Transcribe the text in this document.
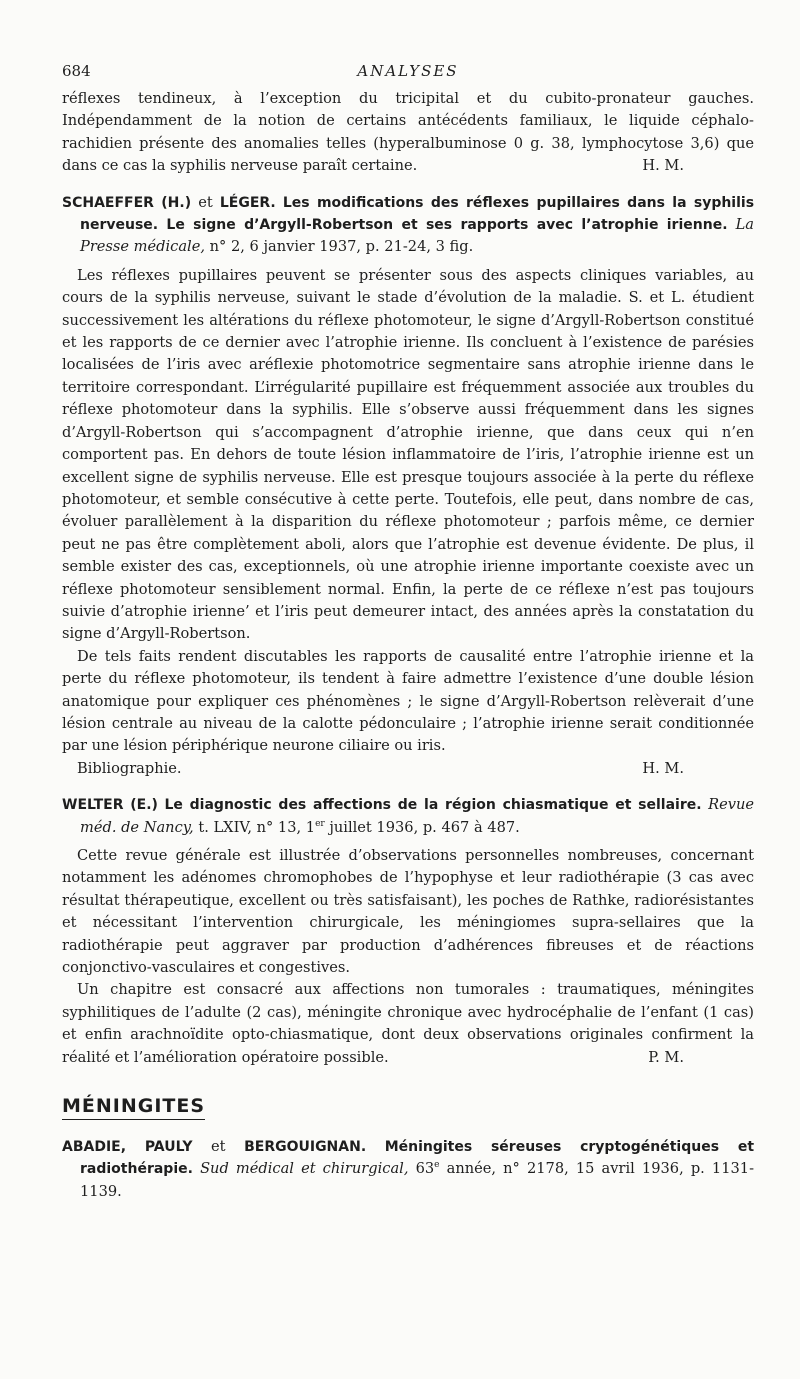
684	ANALYSES

réflexes tendineux, à l’exception du tricipital et du cubito-pronateur gauches. Indépendamment de la notion de certains antécédents familiaux, le liquide céphalo-rachidien présente des anomalies telles (hyperalbuminose 0 g. 38, lymphocytose 3,6) que dans ce cas la syphilis nerveuse paraît certaine.	H. M.

SCHAEFFER (H.) et LÉGER. Les modifications des réflexes pupillaires dans la syphilis nerveuse. Le signe d’Argyll-Robertson et ses rapports avec l’atrophie irienne. La Presse médicale, n° 2, 6 janvier 1937, p. 21-24, 3 fig.

Les réflexes pupillaires peuvent se présenter sous des aspects cliniques variables, au cours de la syphilis nerveuse, suivant le stade d’évolution de la maladie. S. et L. étudient successivement les altérations du réflexe photomoteur, le signe d’Argyll-Robertson constitué et les rapports de ce dernier avec l’atrophie irienne. Ils concluent à l’existence de parésies localisées de l’iris avec aréflexie photomotrice segmentaire sans atrophie irienne dans le territoire correspondant. L’irrégularité pupillaire est fréquemment associée aux troubles du réflexe photomoteur dans la syphilis. Elle s’observe aussi fréquemment dans les signes d’Argyll-Robertson qui s’accompagnent d’atrophie irienne, que dans ceux qui n’en comportent pas. En dehors de toute lésion inflammatoire de l’iris, l’atrophie irienne est un excellent signe de syphilis nerveuse. Elle est presque toujours associée à la perte du réflexe photomoteur, et semble consécutive à cette perte. Toutefois, elle peut, dans nombre de cas, évoluer parallèlement à la disparition du réflexe photomoteur ; parfois même, ce dernier peut ne pas être complètement aboli, alors que l’atrophie est devenue évidente. De plus, il semble exister des cas, exceptionnels, où une atrophie irienne importante coexiste avec un réflexe photomoteur sensiblement normal. Enfin, la perte de ce réflexe n’est pas toujours suivie d’atrophie irienne’ et l’iris peut demeurer intact, des années après la constatation du signe d’Argyll-Robertson.

De tels faits rendent discutables les rapports de causalité entre l’atrophie irienne et la perte du réflexe photomoteur, ils tendent à faire admettre l’existence d’une double lésion anatomique pour expliquer ces phénomènes ; le signe d’Argyll-Robertson relèverait d’une lésion centrale au niveau de la calotte pédonculaire ; l’atrophie irienne serait conditionnée par une lésion périphérique neurone ciliaire ou iris.

Bibliographie.	H. M.

WELTER (E.) Le diagnostic des affections de la région chiasmatique et sellaire. Revue méd. de Nancy, t. LXIV, n° 13, 1er juillet 1936, p. 467 à 487.

Cette revue générale est illustrée d’observations personnelles nombreuses, concernant notamment les adénomes chromophobes de l’hypophyse et leur radiothérapie (3 cas avec résultat thérapeutique, excellent ou très satisfaisant), les poches de Rathke, radiorésistantes et nécessitant l’intervention chirurgicale, les méningiomes supra-sellaires que la radiothérapie peut aggraver par production d’adhérences fibreuses et de réactions conjonctivo-vasculaires et congestives.

Un chapitre est consacré aux affections non tumorales : traumatiques, méningites syphilitiques de l’adulte (2 cas), méningite chronique avec hydrocéphalie de l’enfant (1 cas) et enfin arachnoïdite opto-chiasmatique, dont deux observations originales confirment la réalité et l’amélioration opératoire possible.	P. M.

MÉNINGITES
ABADIE, PAULY et BERGOUIGNAN. Méningites séreuses cryptogénétiques et radiothérapie. Sud médical et chirurgical, 63e année, n° 2178, 15 avril 1936, p. 1131-1139.
